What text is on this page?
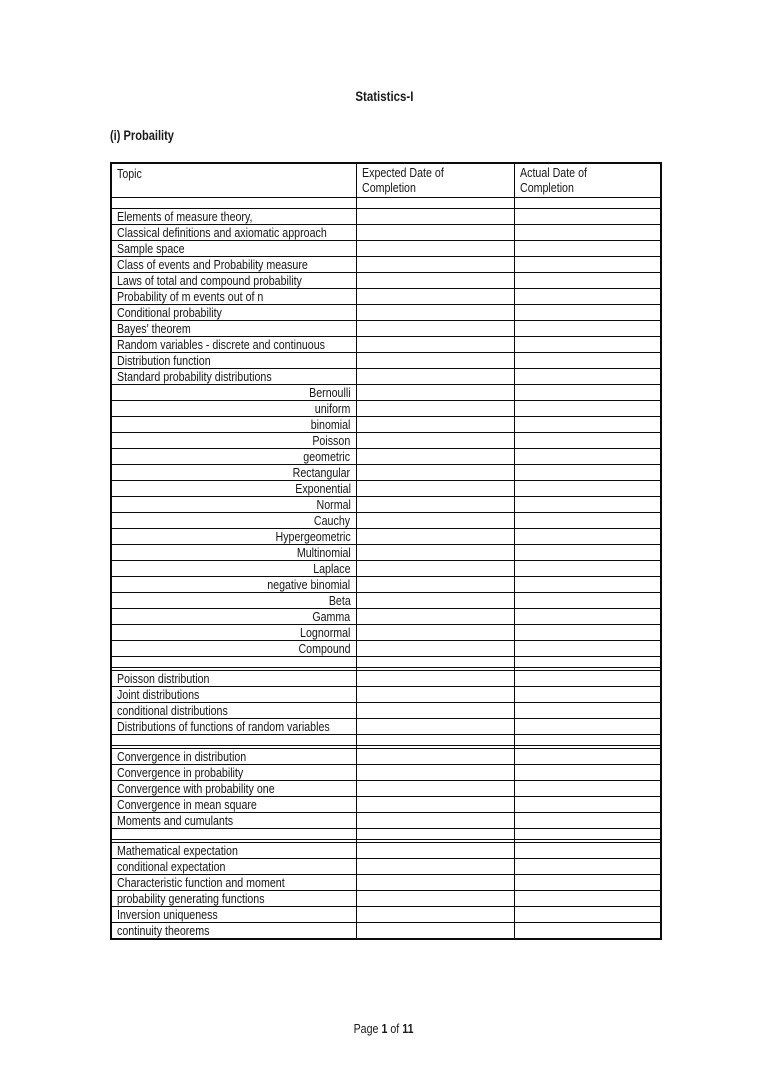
Statistics-I
(i) Probaility
Topic	Expected Date of Completion	Actual Date of Completion

Elements of measure theory,		
Classical definitions and axiomatic approach		
Sample space		
Class of events and Probability measure		
Laws of total and compound probability		
Probability of m events out of n		
Conditional probability		
Bayes' theorem		
Random variables - discrete and continuous		
Distribution function		
Standard probability distributions		
Bernoulli		
uniform		
binomial		
Poisson		
geometric		
Rectangular		
Exponential		
Normal		
Cauchy		
Hypergeometric		
Multinomial		
Laplace		
negative binomial		
Beta		
Gamma		
Lognormal		
Compound		

Poisson distribution		
Joint distributions		
conditional distributions		
Distributions of functions of random variables		

Convergence in distribution		
Convergence in probability		
Convergence with probability one		
Convergence in mean square		
Moments and cumulants		

Mathematical expectation		
conditional expectation		
Characteristic function and moment		
probability generating functions		
Inversion uniqueness		
continuity theorems		
Page 1 of 11
